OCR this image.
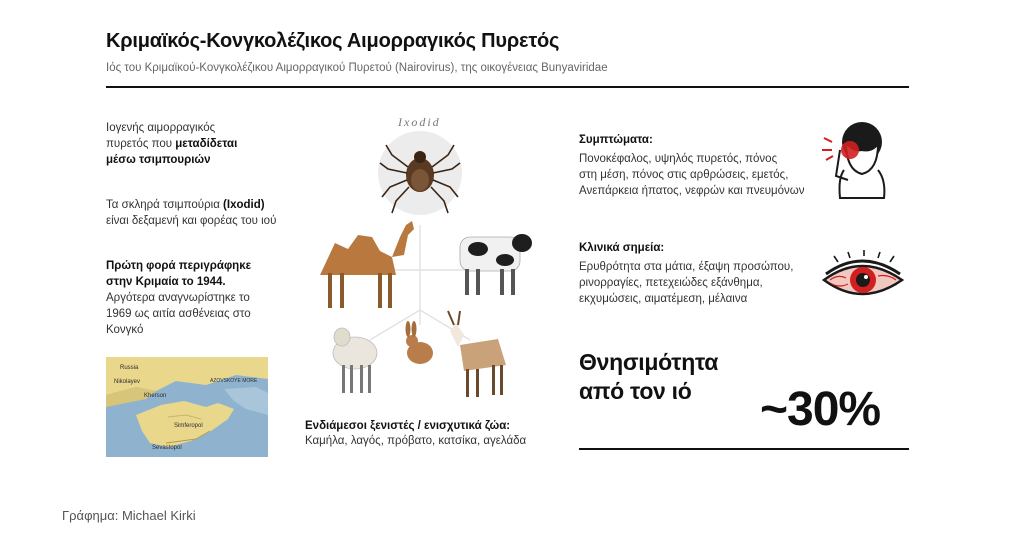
Κριμαϊκός-Κονγκολέζικος Αιμορραγικός Πυρετός
Ιός του Κριμαϊκού-Κονγκολέζικου Αιμορραγικού Πυρετού (Nairovirus), της οικογένειας Bunyaviridae
Ιογενής αιμορραγικός
πυρετός που μεταδίδεται
μέσω τσιμπουριών
Τα σκληρά τσιμπούρια (Ixodid)
είναι δεξαμενή και φορέας του ιού
Πρώτη φορά περιγράφηκε
στην Κριμαία το 1944.
Αργότερα αναγνωρίστηκε το
1969 ως αιτία ασθένειας στο
Κονγκό
Russia
Nikolayev
Kherson
Simferopol
Sevastopol
AZOVSKOYE MORE
Ixodid
Ενδιάμεσοι ξενιστές / ενισχυτικά ζώα:
Καμήλα, λαγός, πρόβατο, κατσίκα, αγελάδα
Συμπτώματα:
Πονοκέφαλος, υψηλός πυρετός, πόνος
στη μέση, πόνος στις αρθρώσεις, εμετός,
Ανεπάρκεια ήπατος, νεφρών και πνευμόνων
Κλινικά σημεία:
Ερυθρότητα στα μάτια, έξαψη προσώπου,
ρινορραγίες, πετεχειώδες εξάνθημα,
εκχυμώσεις, αιματέμεση, μέλαινα
Θνησιμότητα
από τον ιό	~30%
Γράφημα: Michael Kirki
